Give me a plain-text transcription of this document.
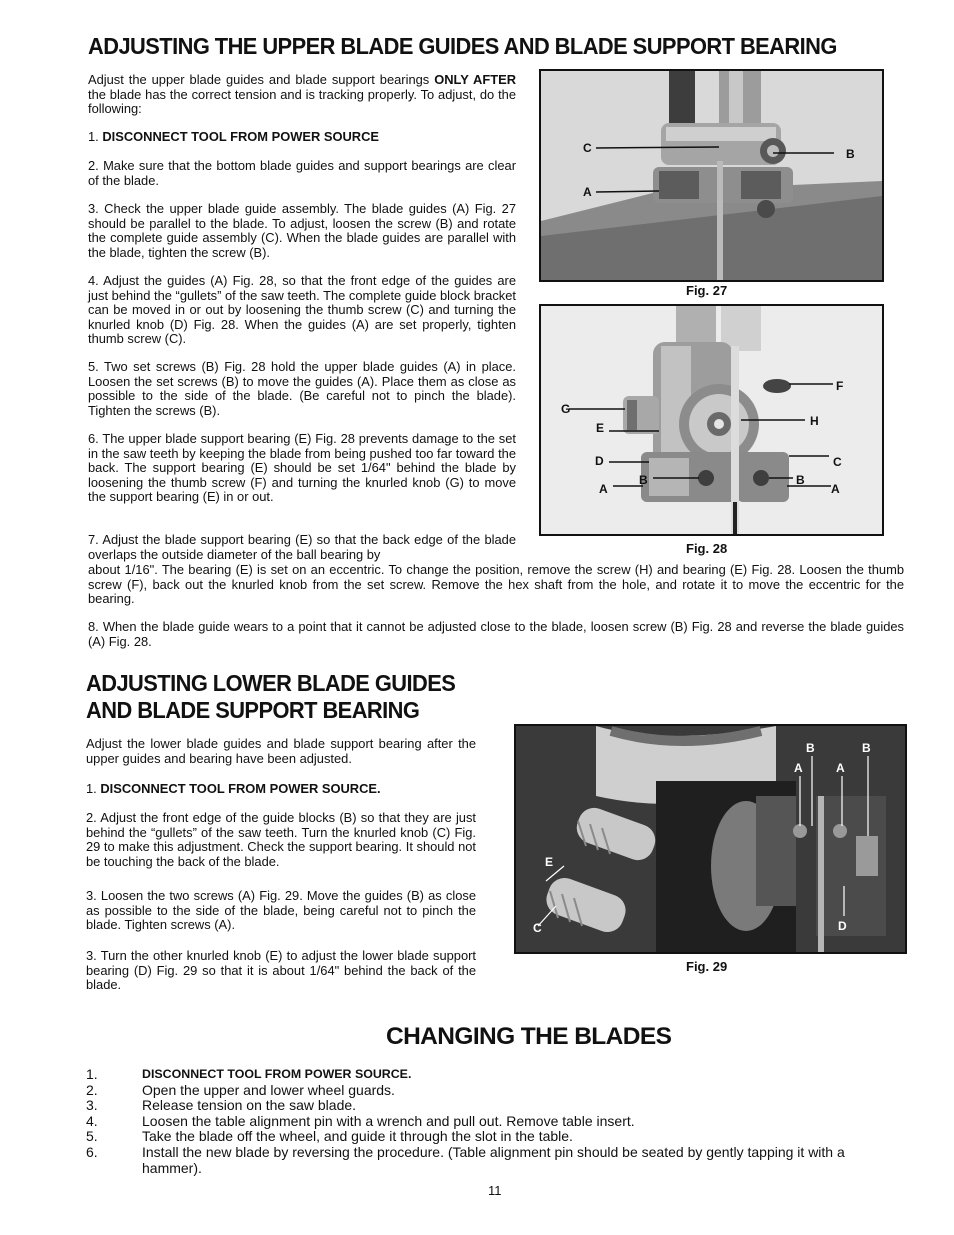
ADJUSTING THE UPPER BLADE GUIDES AND BLADE SUPPORT BEARING
Adjust the upper blade guides and blade support bearings ONLY AFTER the blade has the correct tension and is tracking properly. To adjust, do the following:
1. DISCONNECT TOOL FROM POWER SOURCE
2. Make sure that the bottom blade guides and support bearings are clear of the blade.
3. Check the upper blade guide assembly. The blade guides (A) Fig. 27 should be parallel to the blade. To adjust, loosen the screw (B) and rotate the complete guide assembly (C). When the blade guides are parallel with the blade, tighten the screw (B).
4. Adjust the guides (A) Fig. 28, so that the front edge of the guides are just behind the “gullets” of the saw teeth. The complete guide block bracket can be moved in or out by loosening the thumb screw (C) and turning the knurled knob (D) Fig. 28. When the guides (A) are set properly, tighten thumb screw (C).
5. Two set screws (B) Fig. 28 hold the upper blade guides (A) in place. Loosen the set screws (B) to move the guides (A). Place them as close as possible to the side of the blade. (Be careful not to pinch the blade). Tighten the screws (B).
6. The upper blade support bearing (E) Fig. 28 prevents damage to the set in the saw teeth by keeping the blade from being pushed too far toward the back. The support bearing (E) should be set 1/64" behind the blade by loosening the thumb screw (F) and turning the knurled knob (G) to move the support bearing (E) in or out.
7. Adjust the blade support bearing (E) so that the back edge of the blade overlaps the outside diameter of the ball bearing by
about 1/16". The bearing (E) is set on an eccentric. To change the position, remove the screw (H) and bearing (E) Fig. 28. Loosen the thumb screw (F), back out the knurled knob from the set screw. Remove the hex shaft from the hole, and rotate it to move the eccentric for the bearing.
8. When the blade guide wears to a point that it cannot be adjusted close to the blade, loosen screw (B) Fig. 28 and reverse the blade guides (A) Fig. 28.
C	B
A
Fig. 27
G
F
H
E
D	C
B	B
A	A
Fig. 28
ADJUSTING LOWER BLADE GUIDES
AND BLADE SUPPORT BEARING
Adjust the lower blade guides and blade support bearing after the upper guides and bearing have been adjusted.
1. DISCONNECT TOOL FROM POWER SOURCE.
2. Adjust the front edge of the guide blocks (B) so that they are just behind the “gullets” of the saw teeth. Turn the knurled knob (C) Fig. 29 to make this adjustment. Check the support bearing. It should not be touching the back of the blade.
3. Loosen the two screws (A) Fig. 29. Move the guides (B) as close as possible to the side of the blade, being careful not to pinch the blade. Tighten screws (A).
3. Turn the other knurled knob (E) to adjust the lower blade support bearing (D) Fig. 29 so that it is about 1/64" behind the back of the blade.
B	B
A	A
E
C	D
Fig. 29
CHANGING THE BLADES
1.	DISCONNECT TOOL FROM POWER SOURCE.
2.	Open the upper and lower wheel guards.
3.	Release tension on the saw blade.
4.	Loosen the table alignment pin with a wrench and pull out. Remove table insert.
5.	Take the blade off the wheel, and guide it through the slot in the table.
6.	Install the new blade by reversing the procedure. (Table alignment pin should be seated by gently tapping it with a hammer).
11
